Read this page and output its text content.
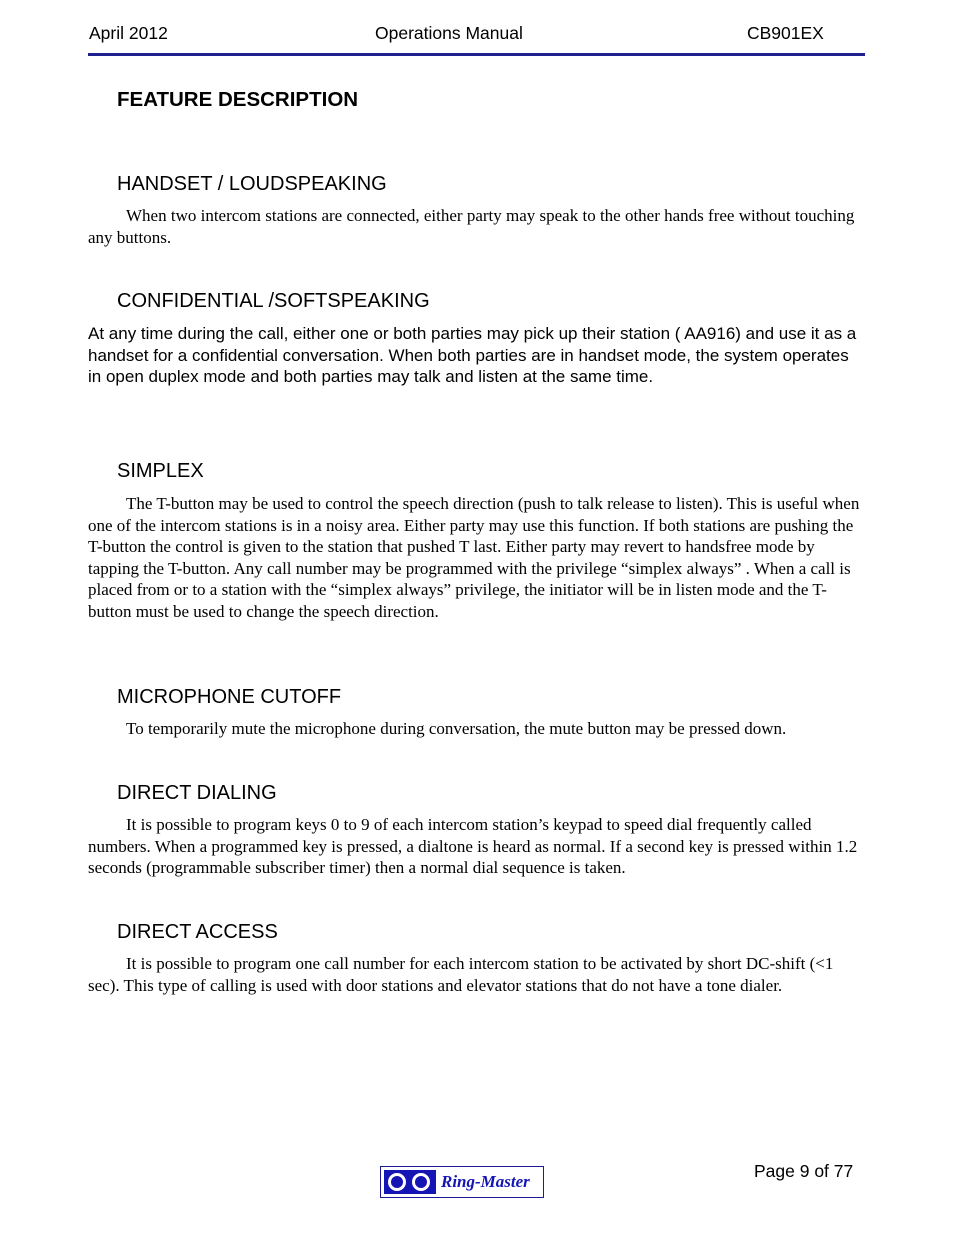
April 2012	Operations Manual	CB901EX
FEATURE DESCRIPTION
HANDSET / LOUDSPEAKING
When two intercom stations are connected, either party may speak to the other hands free without touching any buttons.
CONFIDENTIAL /SOFTSPEAKING
At any time during the call, either one or both parties may pick up their station ( AA916) and use it as a handset for a confidential conversation. When both parties are in handset mode, the system operates in open duplex mode and both parties may talk and listen at the same time.
SIMPLEX
The T-button may be used to control the speech direction (push to talk release to listen). This is useful when one of the intercom stations is in a noisy area. Either party may use this function. If both stations are pushing the T-button the control is given to the station that pushed T last. Either party may revert to handsfree mode by tapping the T-button. Any call number may be programmed with the privilege “simplex always” . When a call is placed from or to a station with the “simplex always” privilege, the initiator will be in listen mode and the T-button must be used to change the speech direction.
MICROPHONE CUTOFF
To temporarily mute the microphone during conversation, the mute button may be pressed down.
DIRECT DIALING
It is possible to program keys 0 to 9 of each intercom station’s keypad to speed dial frequently called numbers. When a programmed key is pressed, a dialtone is heard as normal. If a second key is pressed within 1.2 seconds (programmable subscriber timer) then a normal dial sequence is taken.
DIRECT ACCESS
It is possible to program one call number for each intercom station to be activated by short DC-shift (<1 sec). This type of calling is used with door stations and elevator stations that do not have a tone dialer.
Ring-Master
Page 9 of 77
